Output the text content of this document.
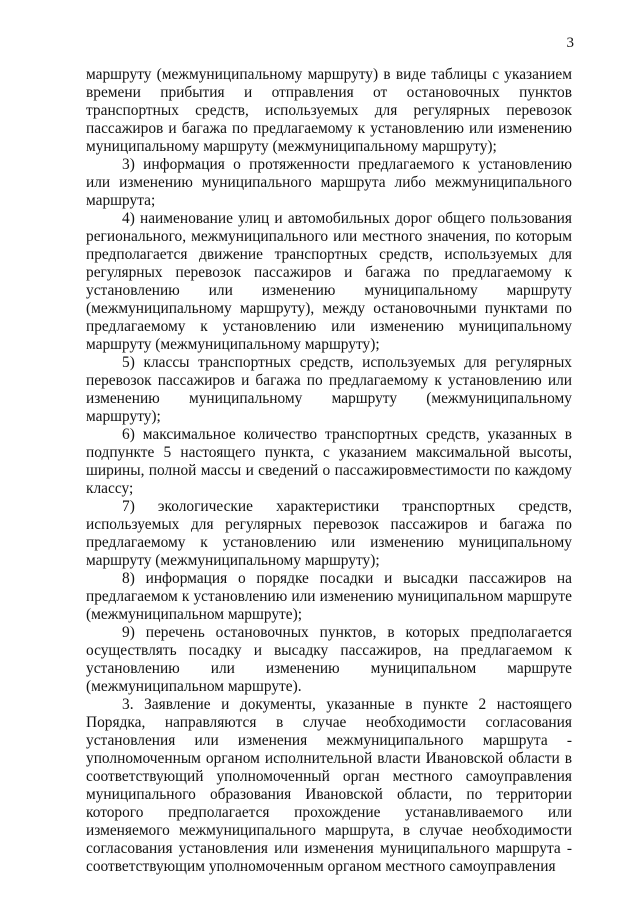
3

маршруту (межмуниципальному маршруту) в виде таблицы с указанием времени прибытия и отправления от остановочных пунктов транспортных средств, используемых для регулярных перевозок пассажиров и багажа по предлагаемому к установлению или изменению муниципальному маршруту (межмуниципальному маршруту);

3) информация о протяженности предлагаемого к установлению или изменению муниципального маршрута либо межмуниципального маршрута;

4) наименование улиц и автомобильных дорог общего пользования регионального, межмуниципального или местного значения, по которым предполагается движение транспортных средств, используемых для регулярных перевозок пассажиров и багажа по предлагаемому к установлению или изменению муниципальному маршруту (межмуниципальному маршруту), между остановочными пунктами по предлагаемому к установлению или изменению муниципальному маршруту (межмуниципальному маршруту);

5) классы транспортных средств, используемых для регулярных перевозок пассажиров и багажа по предлагаемому к установлению или изменению муниципальному маршруту (межмуниципальному маршруту);

6) максимальное количество транспортных средств, указанных в подпункте 5 настоящего пункта, с указанием максимальной высоты, ширины, полной массы и сведений о пассажировместимости по каждому классу;

7) экологические характеристики транспортных средств, используемых для регулярных перевозок пассажиров и багажа по предлагаемому к установлению или изменению муниципальному маршруту (межмуниципальному маршруту);

8) информация о порядке посадки и высадки пассажиров на предлагаемом к установлению или изменению муниципальном маршруте (межмуниципальном маршруте);

9) перечень остановочных пунктов, в которых предполагается осуществлять посадку и высадку пассажиров, на предлагаемом к установлению или изменению муниципальном маршруте (межмуниципальном маршруте).

3. Заявление и документы, указанные в пункте 2 настоящего Порядка, направляются в случае необходимости согласования установления или изменения межмуниципального маршрута - уполномоченным органом исполнительной власти Ивановской области в соответствующий уполномоченный орган местного самоуправления муниципального образования Ивановской области, по территории которого предполагается прохождение устанавливаемого или изменяемого межмуниципального маршрута, в случае необходимости согласования установления или изменения муниципального маршрута - соответствующим уполномоченным органом местного самоуправления
